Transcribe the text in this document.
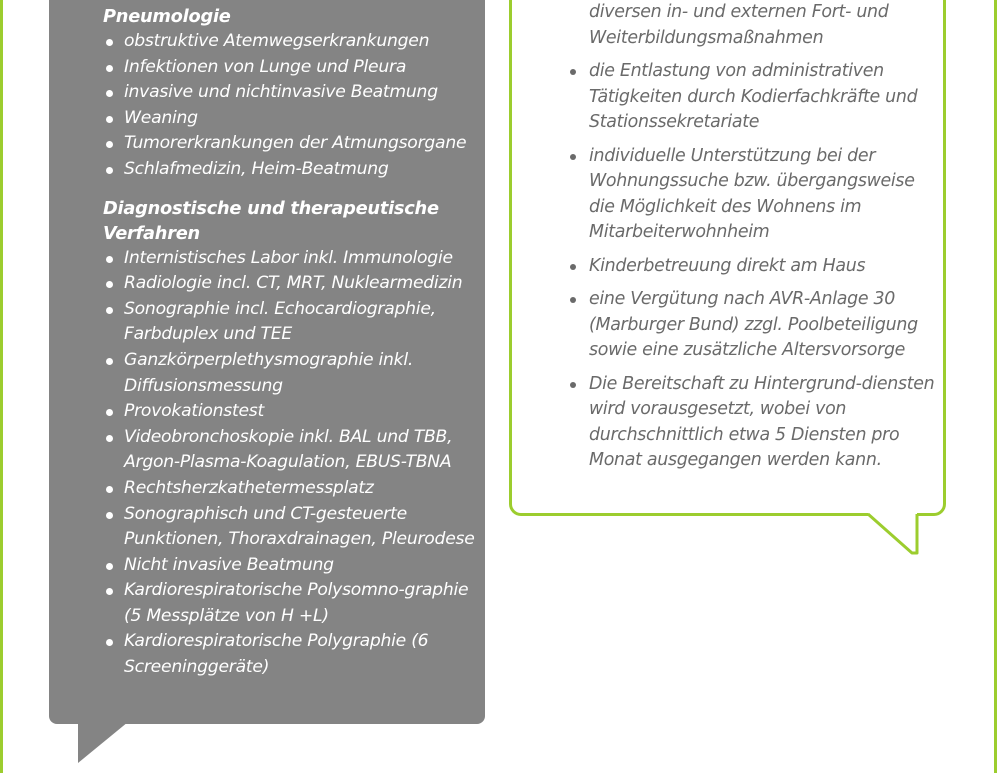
Pneumologie
obstruktive Atemwegserkrankungen
Infektionen von Lunge und Pleura
invasive und nichtinvasive Beatmung
Weaning
Tumorerkrankungen der Atmungsorgane
Schlafmedizin, Heim-Beatmung
Diagnostische und therapeutische
Verfahren
Internistisches Labor inkl. Immunologie
Radiologie incl. CT, MRT, Nuklearmedizin
Sonographie incl. Echocardiographie, Farbduplex und TEE
Ganzkörperplethysmographie inkl. Diffusionsmessung
Provokationstest
Videobronchoskopie inkl. BAL und TBB, Argon-Plasma-Koagulation, EBUS-TBNA
Rechtsherzkathetermessplatz
Sonographisch und CT-gesteuerte Punktionen, Thoraxdrainagen, Pleurodese
Nicht invasive Beatmung
Kardiorespiratorische Polysomno-graphie (5 Messplätze von H +L)
Kardiorespiratorische Polygraphie (6 Screeninggeräte)
diversen in- und externen Fort- und Weiterbildungsmaßnahmen
die Entlastung von administrativen Tätigkeiten durch Kodierfachkräfte und Stationssekretariate
individuelle Unterstützung bei der Wohnungssuche bzw. übergangsweise die Möglichkeit des Wohnens im Mitarbeiterwohnheim
Kinderbetreuung direkt am Haus
eine Vergütung nach AVR-Anlage 30 (Marburger Bund) zzgl. Poolbeteiligung sowie eine zusätzliche Altersvorsorge
Die Bereitschaft zu Hintergrund-diensten wird vorausgesetzt, wobei von durchschnittlich etwa 5 Diensten pro Monat ausgegangen werden kann.
